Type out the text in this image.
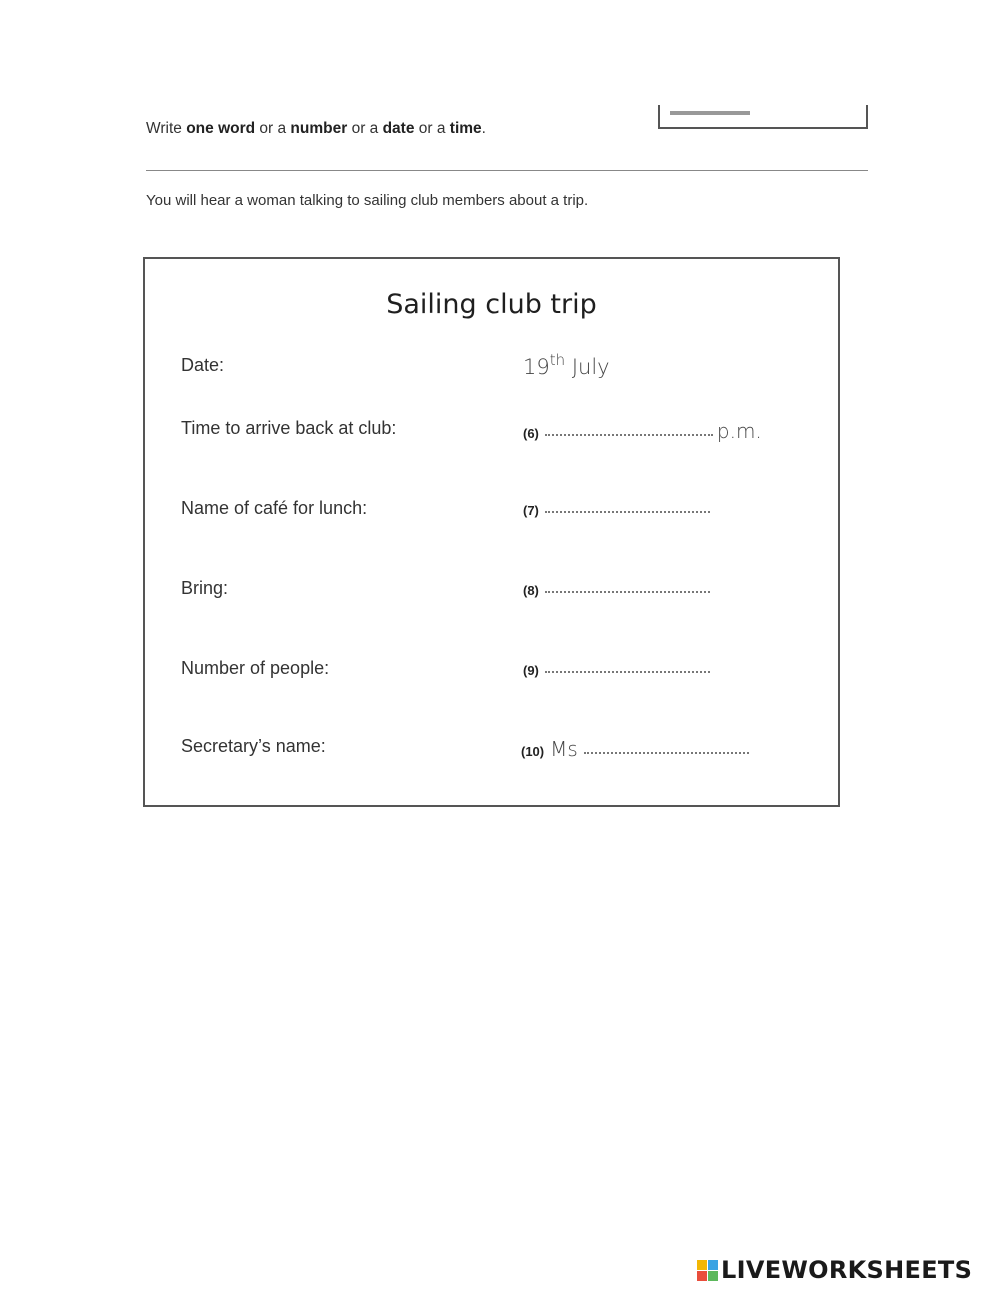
Write one word or a number or a date or a time.
You will hear a woman talking to sailing club members about a trip.
Sailing club trip
Date:	19th July
Time to arrive back at club:	(6)	p.m.
Name of café for lunch:	(7)
Bring:	(8)
Number of people:	(9)
Secretary’s name:	(10) Ms
LIVEWORKSHEETS
